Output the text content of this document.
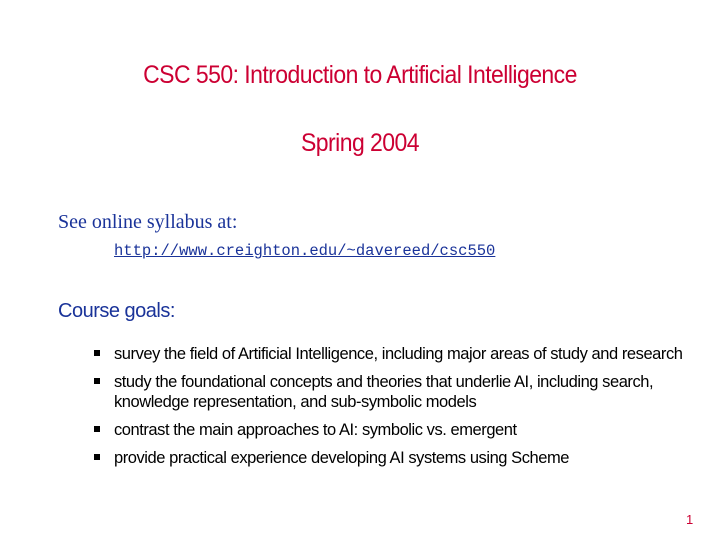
CSC 550: Introduction to Artificial Intelligence
Spring 2004
See online syllabus at:
http://www.creighton.edu/~davereed/csc550
Course goals:
survey the field of Artificial Intelligence, including major areas of study and research
study the foundational concepts and theories that underlie AI, including search, knowledge representation, and sub-symbolic models
contrast the main approaches to AI: symbolic vs. emergent
provide practical experience developing AI systems using Scheme
1
